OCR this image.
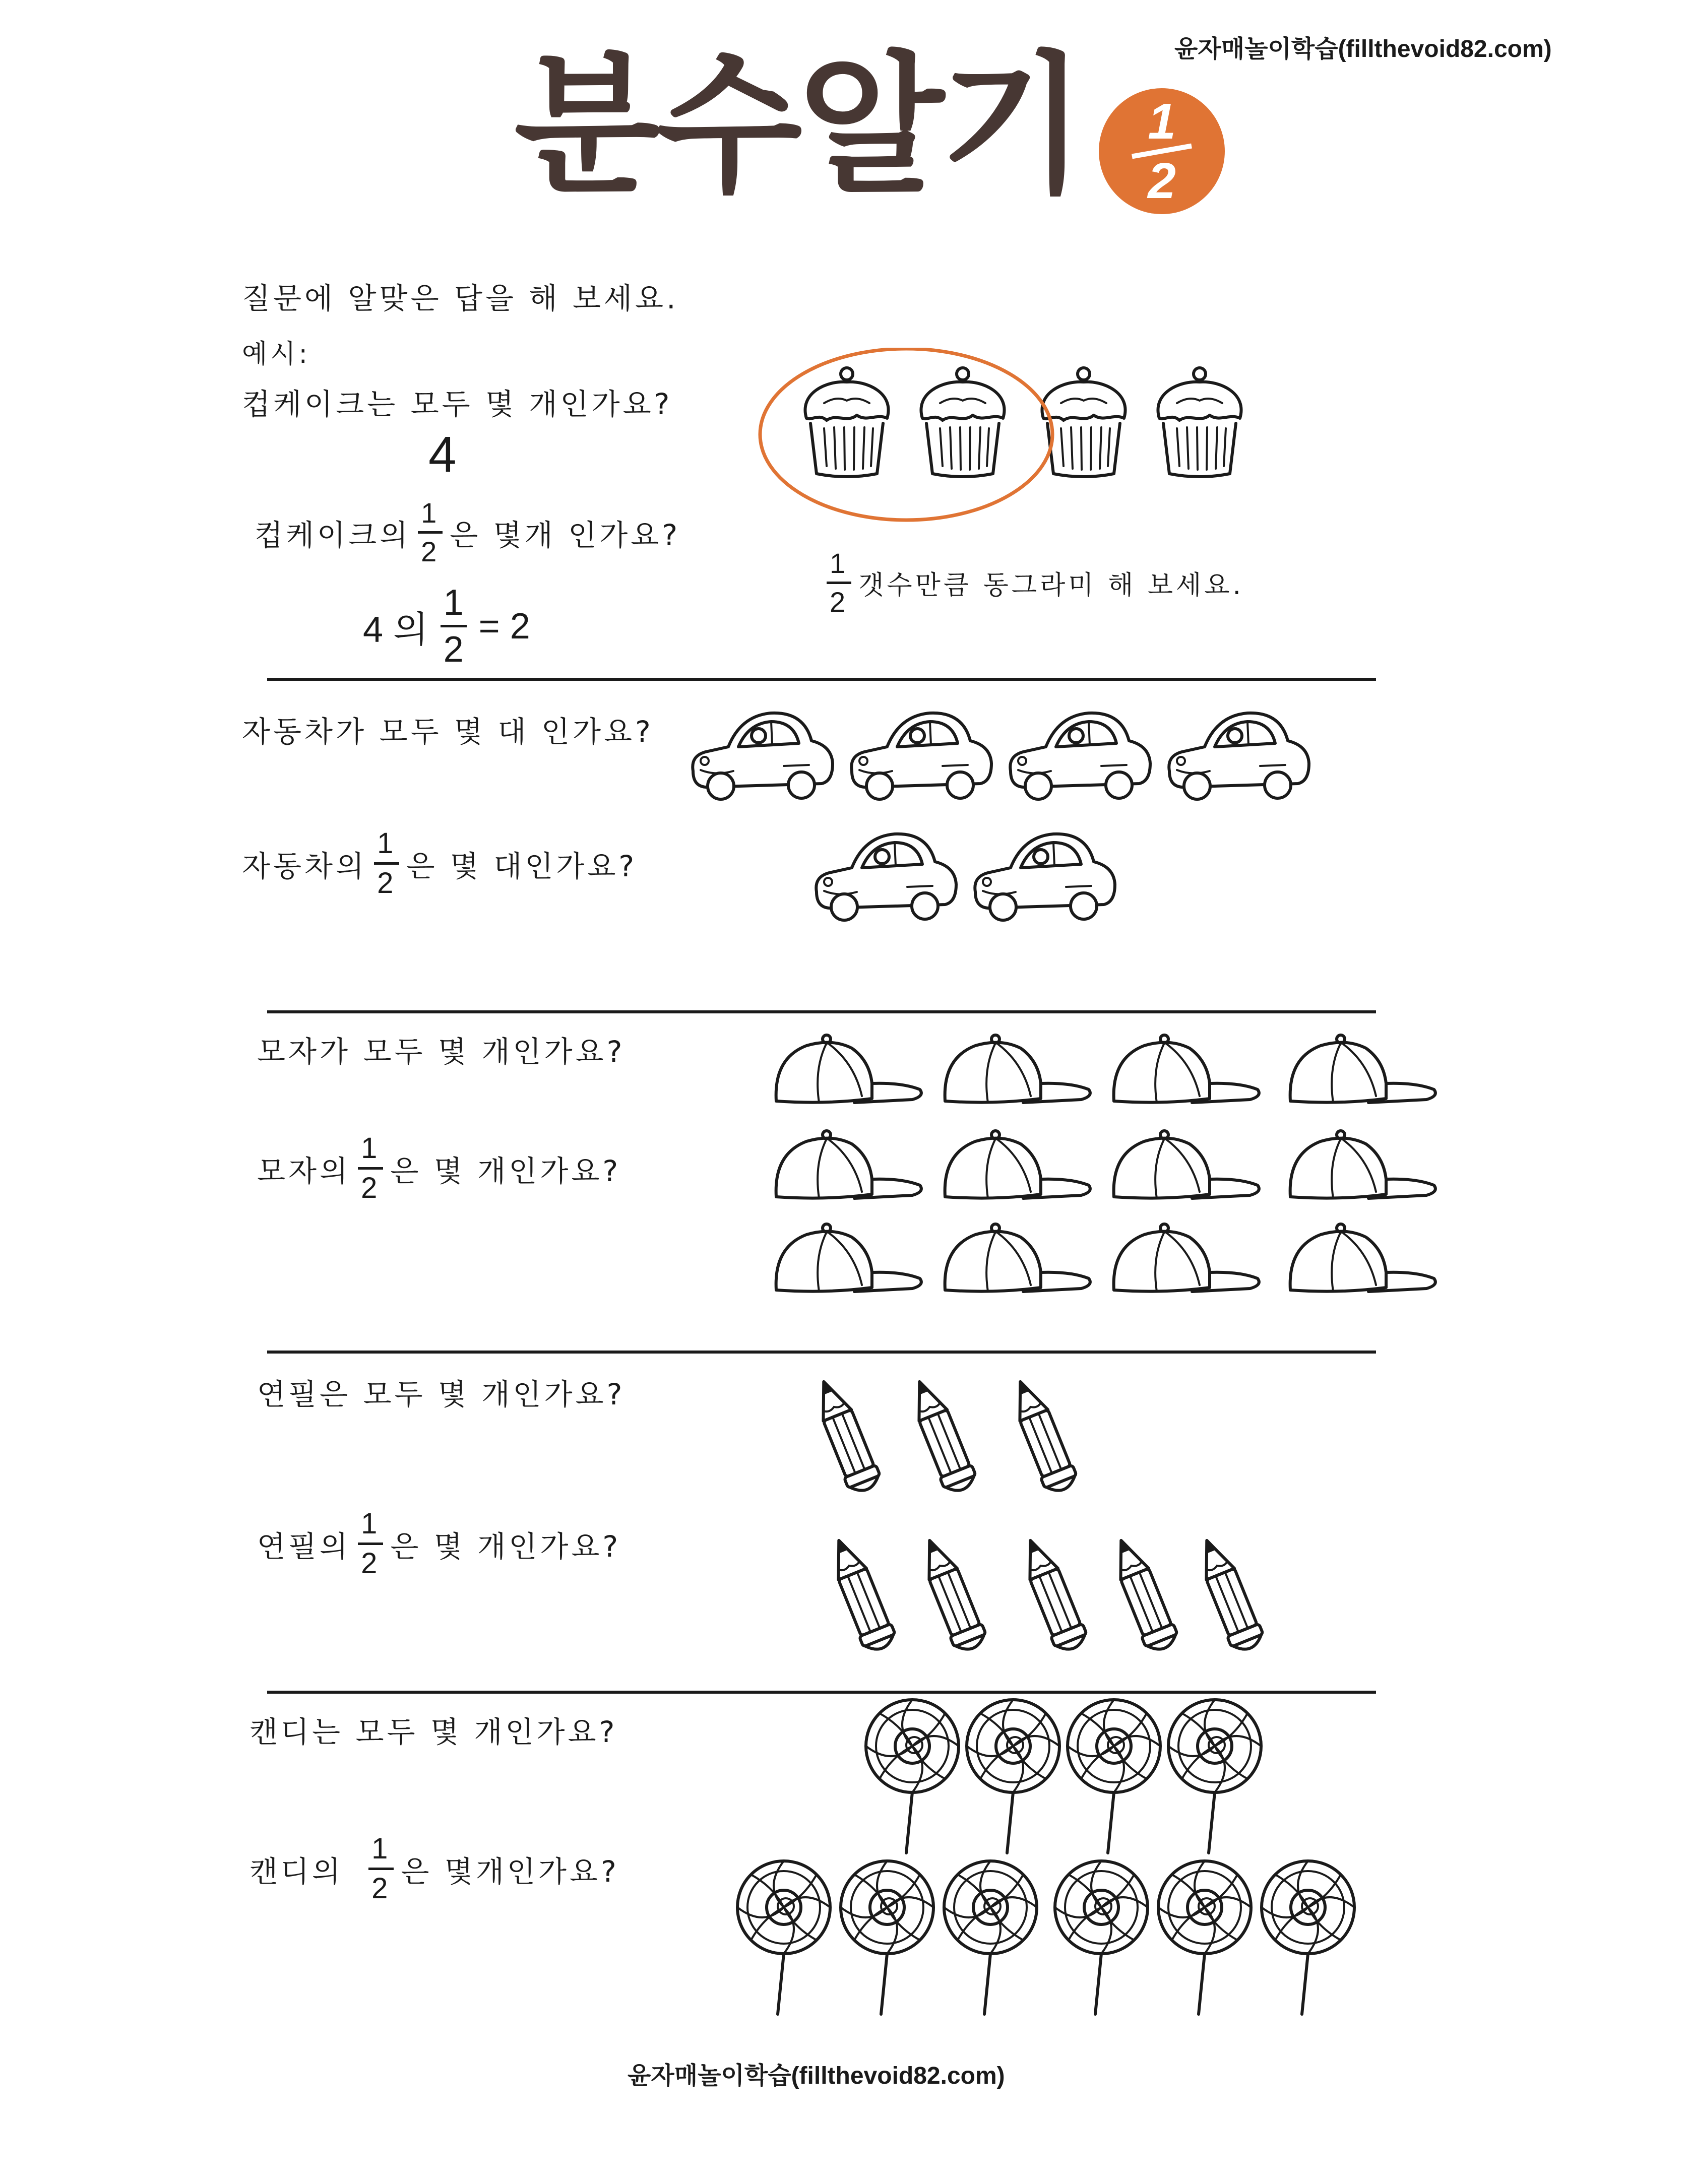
윤자매놀이학습(fillthevoid82.com)
분수알기 1
2
질문에 알맞은 답을 해 보세요.
예시:
컵케이크는 모두 몇 개인가요?
4
컵케이크의
1
2 은 몇개 인가요?
4 의
1
2
= 2
1
2
갯수만큼 동그라미 해 보세요.
자동차가 모두 몇 대 인가요?
자동차의
1
2 은 몇 대인가요?
모자가 모두 몇 개인가요?
모자의
1
2 은 몇 개인가요?
연필은 모두 몇 개인가요?
연필의
1
2 은 몇 개인가요?
캔디는 모두 몇 개인가요?
캔디의
1
2 은 몇개인가요?
윤자매놀이학습(fillthevoid82.com)
